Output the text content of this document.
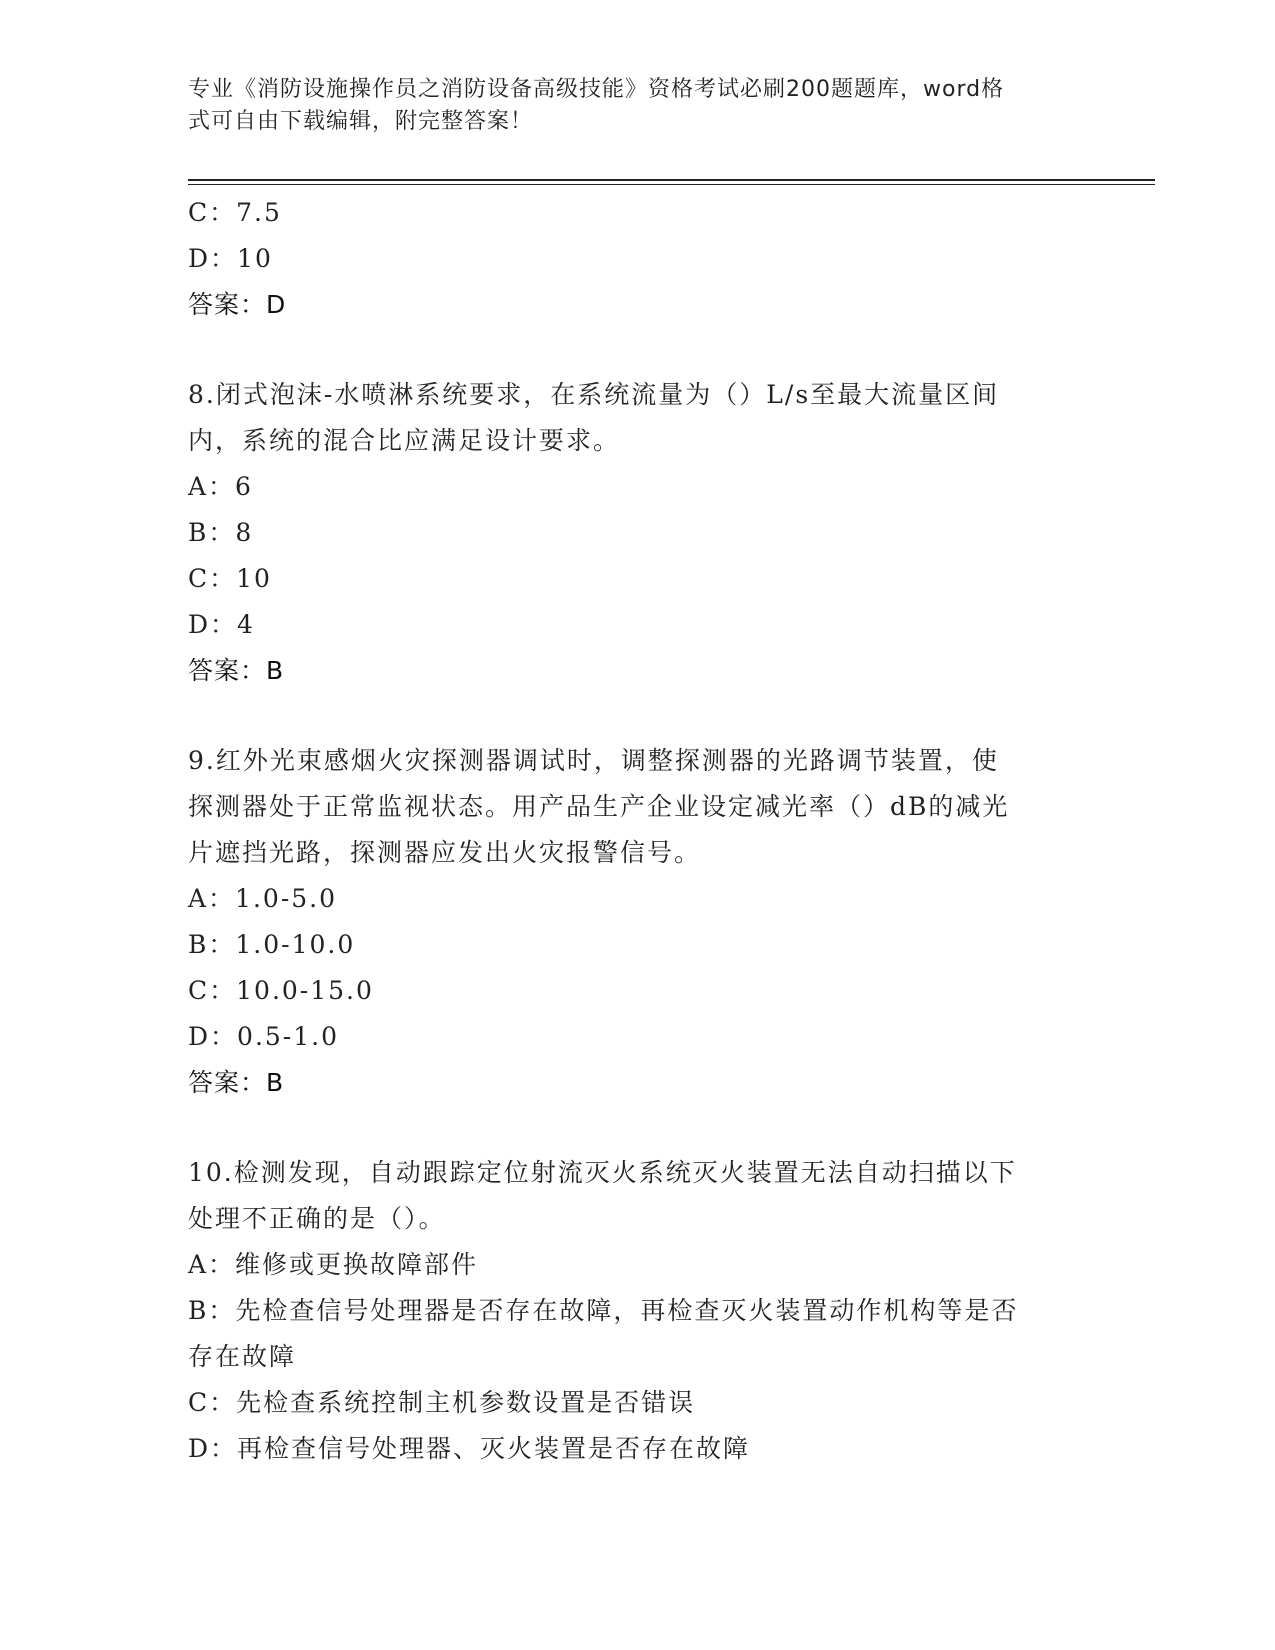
专业《消防设施操作员之消防设备高级技能》资格考试必刷200题题库，word格
式可自由下载编辑，附完整答案！
C：7.5
D：10
答案：D
8.闭式泡沫-水喷淋系统要求，在系统流量为（）L/s至最大流量区间
内，系统的混合比应满足设计要求。
A：6
B：8
C：10
D：4
答案：B
9.红外光束感烟火灾探测器调试时，调整探测器的光路调节装置，使
探测器处于正常监视状态。用产品生产企业设定减光率（）dB的减光
片遮挡光路，探测器应发出火灾报警信号。
A：1.0-5.0
B：1.0-10.0
C：10.0-15.0
D：0.5-1.0
答案：B
10.检测发现，自动跟踪定位射流灭火系统灭火装置无法自动扫描以下
处理不正确的是（）。
A：维修或更换故障部件
B：先检查信号处理器是否存在故障，再检查灭火装置动作机构等是否
存在故障
C：先检查系统控制主机参数设置是否错误
D：再检查信号处理器、灭火装置是否存在故障
